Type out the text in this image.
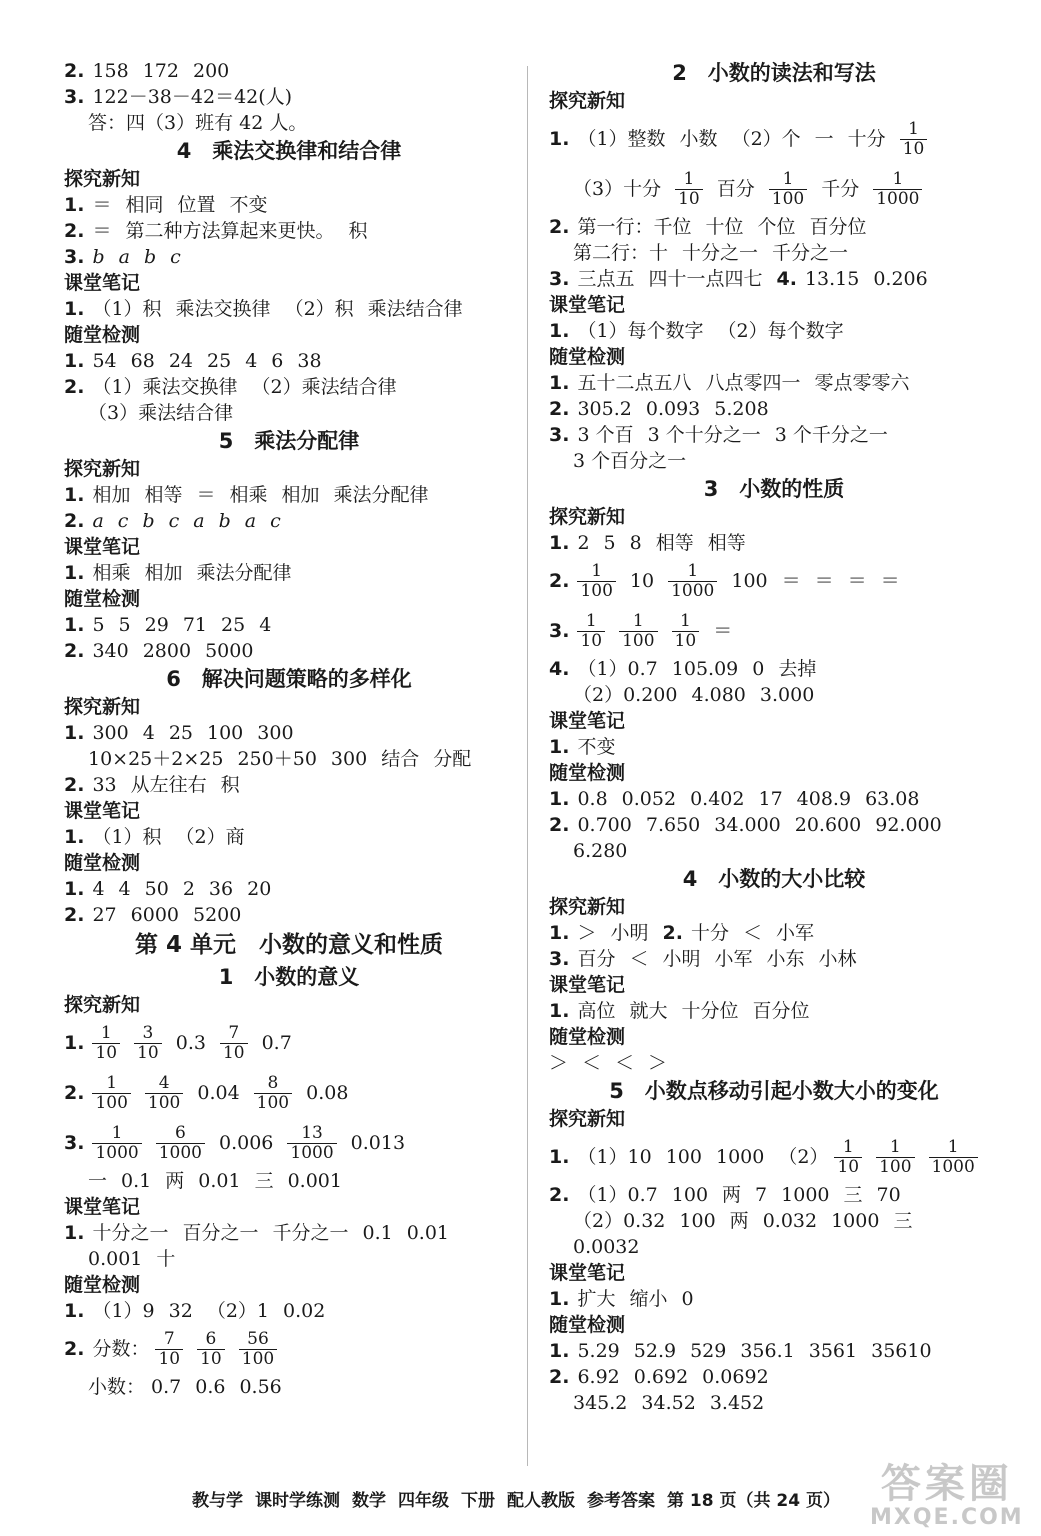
2. 158 172 200
3. 122－38－42＝42(人)
答：四（3）班有 42 人。
4　乘法交换律和结合律
探究新知
1. ＝ 相同 位置 不变
2. ＝ 第二种方法算起来更快。 积
3. b a b c
课堂笔记
1. （1）积 乘法交换律 （2）积 乘法结合律
随堂检测
1. 54 68 24 25 4 6 38
2. （1）乘法交换律 （2）乘法结合律
（3）乘法结合律
5　乘法分配律
探究新知
1. 相加 相等 ＝ 相乘 相加 乘法分配律
2. a c b c a b a c
课堂笔记
1. 相乘 相加 乘法分配律
随堂检测
1. 5 5 29 71 25 4
2. 340 2800 5000
6　解决问题策略的多样化
探究新知
1. 300 4 25 100 300
10×25＋2×25 250＋50 300 结合 分配
2. 33 从左往右 积
课堂笔记
1. （1）积 （2）商
随堂检测
1. 4 4 50 2 36 20
2. 27 6000 5200
第 4 单元　小数的意义和性质
1　小数的意义
探究新知
1. $\frac{1}{10} \frac{3}{10} 0.3 \frac{7}{10} 0.7$
2. $\frac{1}{100} \frac{4}{100} 0.04 \frac{8}{100} 0.08$
3. $\frac{1}{1000} \frac{6}{1000} 0.006 \frac{13}{1000} 0.013$
一 0.1 两 0.01 三 0.001
课堂笔记
1. 十分之一 百分之一 千分之一 0.1 0.01
0.001 十
随堂检测
1. （1）9 32 （2）1 0.02
2. 分数： $\frac{7}{10} \frac{6}{10} \frac{56}{100}$
小数： 0.7 0.6 0.56
2　小数的读法和写法
探究新知
1. （1）整数 小数 （2）个 一 十分 $\frac{1}{10}$
（3）十分 $\frac{1}{10}$ 百分 $\frac{1}{100}$ 千分 $\frac{1}{1000}$
2. 第一行：千位 十位 个位 百分位
第二行：十 十分之一 千分之一
3. 三点五 四十一点四七 4. 13.15 0.206
课堂笔记
1. （1）每个数字 （2）每个数字
随堂检测
1. 五十二点五八 八点零四一 零点零零六
2. 305.2 0.093 5.208
3. 3 个百 3 个十分之一 3 个千分之一
3 个百分之一
3　小数的性质
探究新知
1. 2 5 8 相等 相等
2. $\frac{1}{100} 10 \frac{1}{1000} 100$ ＝ ＝ ＝ ＝
3. $\frac{1}{10} \frac{1}{100} \frac{1}{10}$ ＝
4. （1）0.7 105.09 0 去掉
（2）0.200 4.080 3.000
课堂笔记
1. 不变
随堂检测
1. 0.8 0.052 0.402 17 408.9 63.08
2. 0.700 7.650 34.000 20.600 92.000
6.280
4　小数的大小比较
探究新知
1. ＞ 小明 2. 十分 ＜ 小军
3. 百分 ＜ 小明 小军 小东 小林
课堂笔记
1. 高位 就大 十分位 百分位
随堂检测
＞ ＜ ＜ ＞
5　小数点移动引起小数大小的变化
探究新知
1. （1）10 100 1000 $(2) \frac{1}{10} \frac{1}{100} \frac{1}{1000}$
2. （1）0.7 100 两 7 1000 三 70
（2）0.32 100 两 0.032 1000 三
0.0032
课堂笔记
1. 扩大 缩小 0
随堂检测
1. 5.29 52.9 529 356.1 3561 35610
2. 6.92 0.692 0.0692
345.2 34.52 3.452
教与学 课时学练测 数学 四年级 下册 配人教版 参考答案 第 18 页（共 24 页） 答案圈
MXQE.COM
